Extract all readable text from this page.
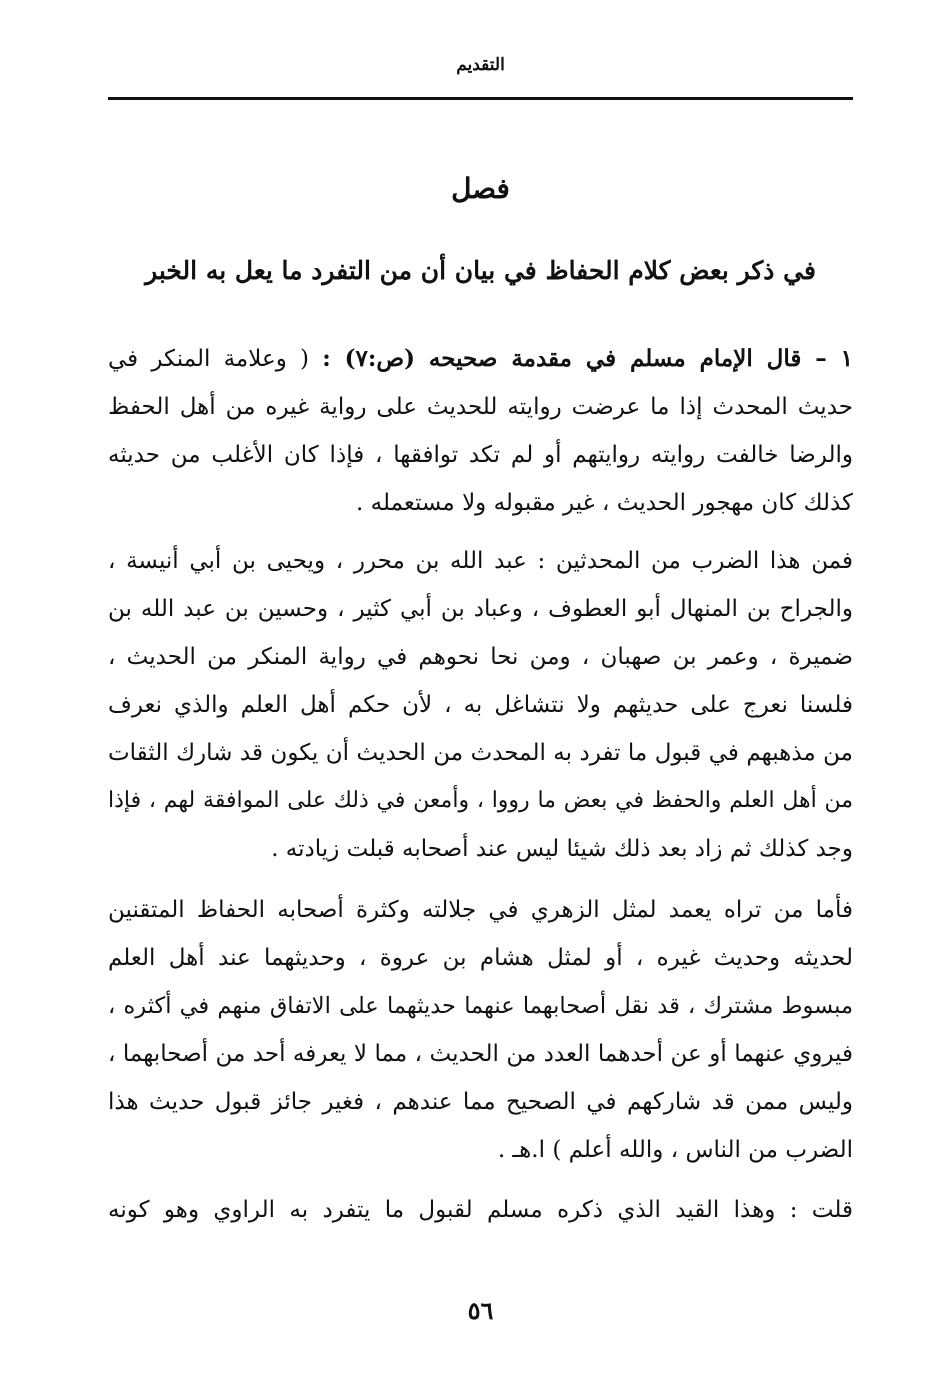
التقديم
فصل
في ذكر بعض كلام الحفاظ في بيان أن من التفرد ما يعل به الخبر
١ – قال الإمام مسلم في مقدمة صحيحه (ص:٧) : ( وعلامة المنكر في
حديث المحدث إذا ما عرضت روايته للحديث على رواية غيره من أهل الحفظ
والرضا خالفت روايته روايتهم أو لم تكد توافقها ، فإذا كان الأغلب من حديثه
كذلك كان مهجور الحديث ، غير مقبوله ولا مستعمله .
فمن هذا الضرب من المحدثين : عبد الله بن محرر ، ويحيى بن أبي أنيسة ،
والجراح بن المنهال أبو العطوف ، وعباد بن أبي كثير ، وحسين بن عبد الله بن
ضميرة ، وعمر بن صهبان ، ومن نحا نحوهم في رواية المنكر من الحديث ،
فلسنا نعرج على حديثهم ولا نتشاغل به ، لأن حكم أهل العلم والذي نعرف
من مذهبهم في قبول ما تفرد به المحدث من الحديث أن يكون قد شارك الثقات
من أهل العلم والحفظ في بعض ما رووا ، وأمعن في ذلك على الموافقة لهم ، فإذا
وجد كذلك ثم زاد بعد ذلك شيئا ليس عند أصحابه قبلت زيادته .
فأما من تراه يعمد لمثل الزهري في جلالته وكثرة أصحابه الحفاظ المتقنين
لحديثه وحديث غيره ، أو لمثل هشام بن عروة ، وحديثهما عند أهل العلم
مبسوط مشترك ، قد نقل أصحابهما عنهما حديثهما على الاتفاق منهم في أكثره ،
فيروي عنهما أو عن أحدهما العدد من الحديث ، مما لا يعرفه أحد من أصحابهما ،
وليس ممن قد شاركهم في الصحيح مما عندهم ، فغير جائز قبول حديث هذا
الضرب من الناس ، والله أعلم ) ا.هـ .
قلت : وهذا القيد الذي ذكره مسلم لقبول ما يتفرد به الراوي وهو كونه
٥٦
